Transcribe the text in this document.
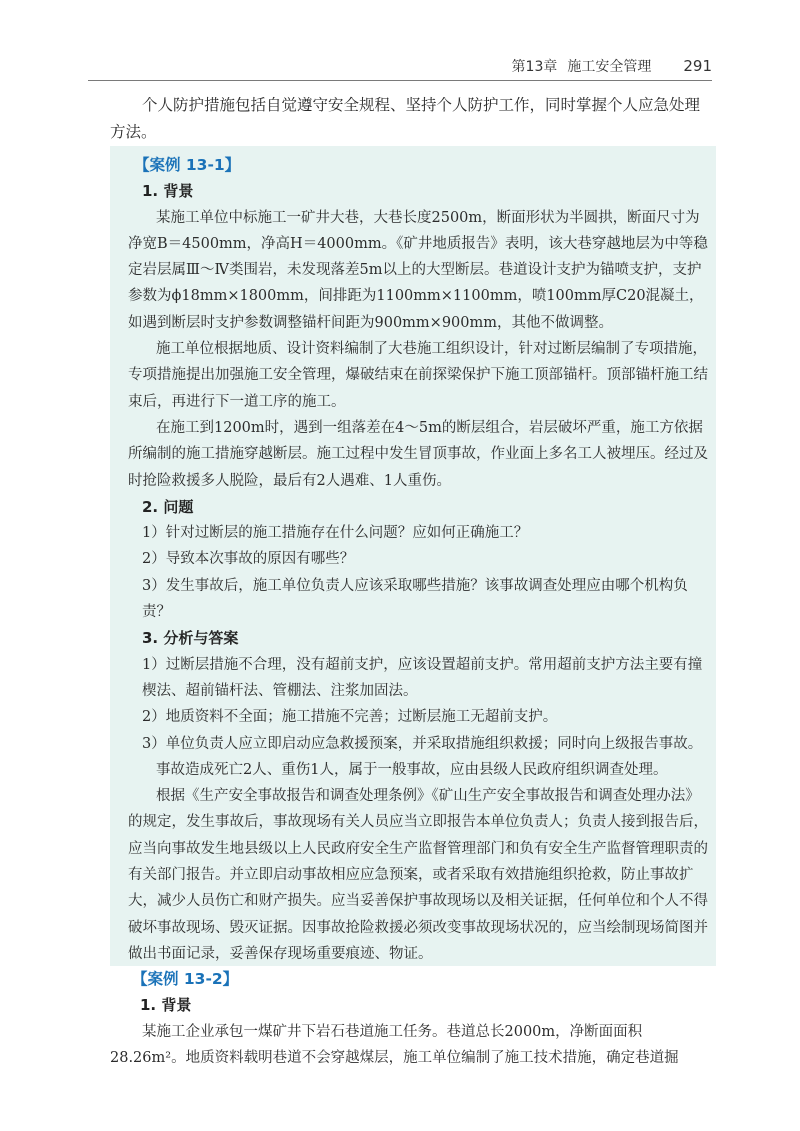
第13章 施工安全管理 291
个人防护措施包括自觉遵守安全规程、坚持个人防护工作，同时掌握个人应急处理方法。
【案例 13-1】
1. 背景
某施工单位中标施工一矿井大巷，大巷长度2500m，断面形状为半圆拱，断面尺寸为净宽B＝4500mm，净高H＝4000mm。《矿井地质报告》表明，该大巷穿越地层为中等稳定岩层属Ⅲ～Ⅳ类围岩，未发现落差5m以上的大型断层。巷道设计支护为锚喷支护，支护参数为ϕ18mm×1800mm，间排距为1100mm×1100mm，喷100mm厚C20混凝土，如遇到断层时支护参数调整锚杆间距为900mm×900mm，其他不做调整。
施工单位根据地质、设计资料编制了大巷施工组织设计，针对过断层编制了专项措施，专项措施提出加强施工安全管理，爆破结束在前探梁保护下施工顶部锚杆。顶部锚杆施工结束后，再进行下一道工序的施工。
在施工到1200m时，遇到一组落差在4～5m的断层组合，岩层破坏严重，施工方依据所编制的施工措施穿越断层。施工过程中发生冒顶事故，作业面上多名工人被埋压。经过及时抢险救援多人脱险，最后有2人遇难、1人重伤。
2. 问题
1）针对过断层的施工措施存在什么问题？应如何正确施工？
2）导致本次事故的原因有哪些？
3）发生事故后，施工单位负责人应该采取哪些措施？该事故调查处理应由哪个机构负责？
3. 分析与答案
1）过断层措施不合理，没有超前支护，应该设置超前支护。常用超前支护方法主要有撞楔法、超前锚杆法、管棚法、注浆加固法。
2）地质资料不全面；施工措施不完善；过断层施工无超前支护。
3）单位负责人应立即启动应急救援预案，并采取措施组织救援；同时向上级报告事故。
事故造成死亡2人、重伤1人，属于一般事故，应由县级人民政府组织调查处理。
根据《生产安全事故报告和调查处理条例》《矿山生产安全事故报告和调查处理办法》的规定，发生事故后，事故现场有关人员应当立即报告本单位负责人；负责人接到报告后，应当向事故发生地县级以上人民政府安全生产监督管理部门和负有安全生产监督管理职责的有关部门报告。并立即启动事故相应应急预案，或者采取有效措施组织抢救，防止事故扩大，减少人员伤亡和财产损失。应当妥善保护事故现场以及相关证据，任何单位和个人不得破坏事故现场、毁灭证据。因事故抢险救援必须改变事故现场状况的，应当绘制现场简图并做出书面记录，妥善保存现场重要痕迹、物证。
【案例 13-2】
1. 背景
某施工企业承包一煤矿井下岩石巷道施工任务。巷道总长2000m，净断面面积28.26m²。地质资料载明巷道不会穿越煤层，施工单位编制了施工技术措施，确定巷道掘
